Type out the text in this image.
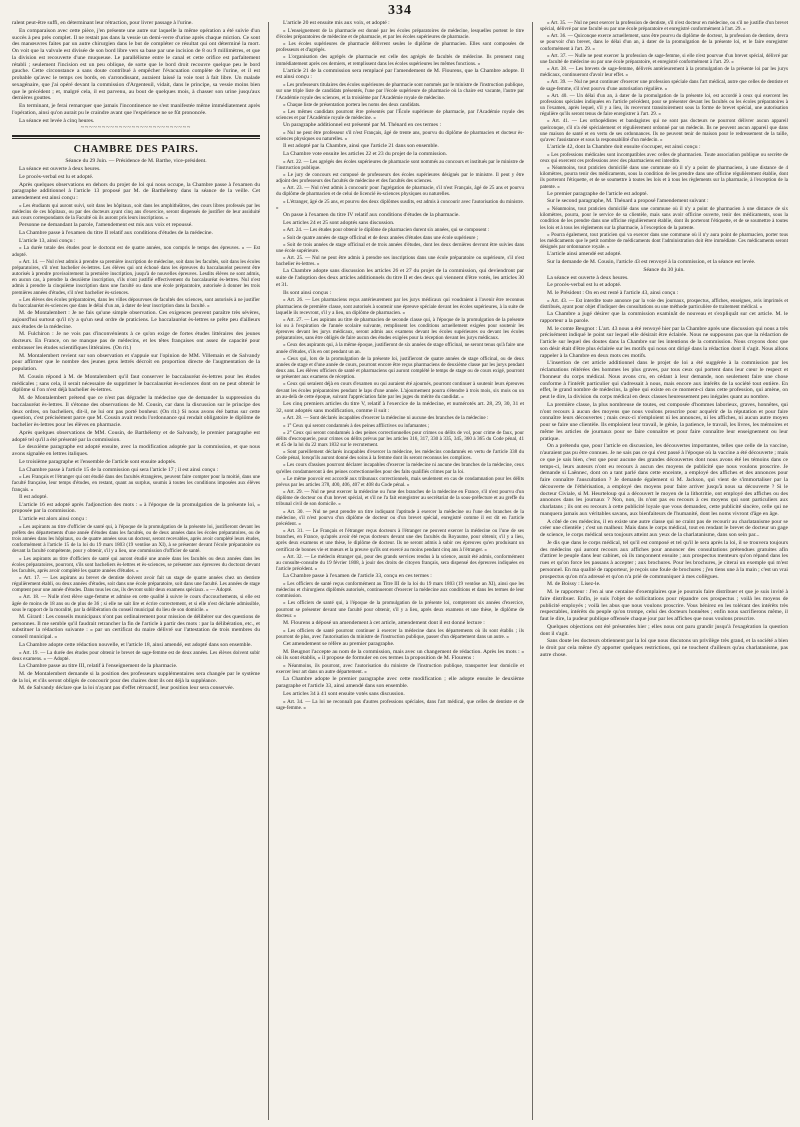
334

ralent peut-être suffi, en déterminant leur rétraction, pour livrer passage à l'urine.

En comparaison avec cette pièce, j'en présente une autre sur laquelle la même opération a été suivie d'un succès à peu près complet. Il ne restait pas dans la vessie un demi-verre d'urine après chaque miction. Ce sont des manœuvres faites par un autre chirurgien dans le but de compléter ce résultat qui ont déterminé la mort. On voit que la valvule est divisée de son bord libre vers sa base par une incision de 8 ou 9 millimètres, et que la division est recouverte d'une muqueuse. Le parallélisme entre le canal et cette orifice est parfaitement rétabli ; seulement l'incision est un peu oblique, de sorte que le bord droit recouvre quelque peu le bord gauche. Cette circonstance a sans doute contribué à empêcher l'évacuation complète de l'urine, et il est probable qu'avec le temps ces bords, en s'arrondissant, auraient laissé la voie tout à fait libre. Un malade sexagénaire, que j'ai opéré devant la commission d'Argenteuil, vidait, dans le principe, sa vessie moins bien que le précédent ; et, malgré cela, il est parvenu, au bout de quelques mois, à chasser son urine jusqu'aux dernières gouttes.

En terminant, je ferai remarquer que jamais l'incontinence ne s'est manifestée même immédiatement après l'opération, ainsi qu'on aurait pu le craindre avant que l'expérience ne se fût prononcée.

La séance est levée à cinq heures.

~~~~~~~~~~~~~~~~~~~~~~~~~~
CHAMBRE DES PAIRS.

Séance du 29 Juin. — Présidence de M. Barthe, vice-président.

La séance est ouverte à deux heures.

Le procès-verbal est lu et adopté.

Après quelques observations en dehors du projet de loi qui nous occupe, la Chambre passe à l'examen du paragraphe additionnel à l'article 13 proposé par M. de Barthélemy dans la séance de la veille. Cet amendement est ainsi conçu :

« Les étudiants qui auront suivi, soit dans les hôpitaux, soit dans les amphithéâtres, des cours libres professés par les médecins de ces hôpitaux, ou par des docteurs ayant cinq ans d'exercice, seront dispensés de justifier de leur assiduité aux cours correspondants de la Faculté où ils auront pris leurs inscriptions. »

Personne ne demandant la parole, l'amendement est mis aux voix et repoussé.

La Chambre passe à l'examen du titre II relatif aux conditions d'études de la médecine.

L'article 13, ainsi conçu :

« La durée totale des études pour le doctorat est de quatre années, non compris le temps des épreuves. » — Est adopté.

« Art. 14. — Nul n'est admis à prendre sa première inscription de médecine, soit dans les facultés, soit dans les écoles préparatoires, s'il n'est bachelier ès-lettres. Les élèves qui ont échoué dans les épreuves du baccalauréat peuvent être autorisés à prendre provisoirement la première inscription, jusqu'à de nouvelles épreuves. Lesdits élèves ne sont admis, en aucun cas, à prendre la deuxième inscription, s'ils n'ont justifié effectivement du baccalauréat ès-lettres. Nul n'est admis à prendre la cinquième inscription dans une faculté ou dans une école préparatoire, autorisée à donner les trois premières années d'études, s'il n'est bachelier ès-sciences.

« Les élèves des écoles préparatoires, dans les villes dépourvues de facultés des sciences, sont autorisés à ne justifier du baccalauréat ès-sciences que dans le délai d'un an, à dater de leur inscription dans la faculté. »

M. de Montalembert : Je ne fais qu'une simple observation. Ces exigences peuvent paraître très sévères, aujourd'hui surtout qu'il n'y a qu'un seul ordre de praticiens. Le baccalauréat ès-lettres se prête peu d'ailleurs aux études de la médecine.

M. Fulchiron : Je ne vois pas d'inconvénients à ce qu'on exige de fortes études littéraires des jeunes docteurs. En France, on ne manque pas de médecins, et les têtes françaises ont assez de capacité pour embrasser les études scientifiques littéraires. (On rit.)

M. Montalembert revient sur son observation et s'appuie sur l'opinion de MM. Villemain et de Salvandy pour affirmer que le nombre des jeunes gens lettrés décroît en proportion directe de l'augmentation de la population.

M. Cousin répond à M. de Montalembert qu'il faut conserver le baccalauréat ès-lettres pour les études médicales ; sans cela, il serait nécessaire de supprimer le baccalauréat ès-sciences dont on ne peut obtenir le diplôme si l'on n'est déjà bachelier ès-lettres.

M. de Montalembert prétend que ce n'est pas dégrader la médecine que de demander la suppression du baccalauréat ès-lettres. Il s'étonne des observations de M. Cousin, car dans la discussion sur le principe des deux ordres, on bacheliers, dit-il, ne lui ont pas porté bonheur. (On rit.) Si nous avons été battus sur cette question, c'est précisément parce que M. Cousin avait rendu l'ordonnance qui rendait obligatoire le diplôme de bachelier ès-lettres pour les élèves en pharmacie.

Après quelques observations de MM. Cousin, de Barthélemy et de Salvandy, le premier paragraphe est adopté tel qu'il a été présenté par la commission.

Le deuxième paragraphe est adopté ensuite, avec la modification adoptée par la commission, et que nous avons signalée en lettres italiques.

Le troisième paragraphe et l'ensemble de l'article sont ensuite adoptés.

La Chambre passe à l'article 15 de la commission qui sera l'article 17 ; il est ainsi conçu :

« Les Français et l'étranger qui ont étudié dans des facultés étrangères, peuvent faire compter pour la moitié, dans une faculté française, leur temps d'études, en restant, quant au surplus, soumis à toutes les conditions imposées aux élèves français. »

Il est adopté.

L'article 16 est adopté après l'adjonction des mots : « à l'époque de la promulgation de la présente loi, » proposée par la commission.

L'article est alors ainsi conçu :

« Les aspirants au titre d'officier de santé qui, à l'époque de la promulgation de la présente loi, justifieront devant les préfets des départements d'une année d'études dans les facultés, ou de deux années dans les écoles préparatoires, ou de trois années dans les hôpitaux, ou de quatre années sous un docteur, seront recevables, après avoir complété leurs études, conformément à l'article 15 de la loi du 19 mars 1803 (19 ventôse an XI), à se présenter devant l'école préparatoire ou devant la faculté compétente, pour y obtenir, s'il y a lieu, une commission d'officier de santé.

« Les aspirants au titre d'officiers de santé qui auront étudié une année dans les facultés ou deux années dans les écoles préparatoires, pourront, s'ils sont bacheliers ès-lettres et ès-sciences, se présenter aux épreuves du doctorat devant les facultés, après avoir complété les quatre années d'études. »

« Art. 17. — Les aspirans au brevet de dentiste doivent avoir fait un stage de quatre années chez un dentiste régulièrement établi, ou deux années d'études, soit dans une école préparatoire, soit dans une faculté. Les années de stage comptent pour une année d'études. Dans tous les cas, ils devront subir deux examens spéciaux. » — Adopté.

« Art. 18. — Nulle n'est élève sage-femme et admise en cette qualité à suivre le cours d'accouchements, si elle est âgée de moins de 18 ans ou de plus de 36 ; si elle ne sait lire et écrire correctement, et si elle n'est déclarée admissible, sous le rapport de la moralité, par la délibération du conseil municipal du lieu de son domicile. »

M. Girard : Les conseils municipaux n'ont pas ordinairement pour mission de délibérer sur des questions de personnes. Il me semble qu'il faudrait retrancher la fin de l'article à partir des mots : par la délibération, etc., et substituer la rédaction suivante : « par un certificat du maire délivré sur l'attestation de trois membres du conseil municipal. »

La Chambre adopte cette rédaction nouvelle, et l'article 18, ainsi amendé, est adopté dans son ensemble.

« Art. 19. — La durée des études pour obtenir le brevet de sage-femme est de deux années. Les élèves doivent subir deux examens. » — Adopté.

La Chambre passe au titre III, relatif à l'enseignement de la pharmacie.

M. de Montalembert demande si la position des professeurs supplémentaires sera changée par le système de la loi, et s'ils seront obligés de concourir pour des chaires dont ils ont déjà la suppléance.

M. de Salvandy déclare que la loi n'ayant pas d'effet rétroactif, leur position leur sera conservée.

L'article 20 est ensuite mis aux voix, et adopté :

« L'enseignement de la pharmacie est donné par les écoles préparatoires de médecine, lesquelles portent le titre d'écoles préparatoires de médecine et de pharmacie, et par les écoles supérieures de pharmacie.

« Les écoles supérieures de pharmacie délivrent seules le diplôme de pharmacien. Elles sont composées de professeurs et d'agrégés.

« L'organisation des agrégés de pharmacie est celle des agrégés de facultés de médecine. Ils prennent rang immédiatement après ces derniers, et remplissent dans les écoles supérieures les mêmes fonctions. »

L'article 21 de la commission sera remplacé par l'amendement de M. Flourens, que la Chambre adopte. Il est ainsi conçu :

« Les professeurs titulaires des écoles supérieures de pharmacie sont nommés par le ministre de l'instruction publique, sur une triple liste de candidats présentés, l'une par l'école supérieure de pharmacie où la chaire est vacante, l'autre par l'Académie royale des sciences, et la troisième par l'Académie royale de médecine.

« Chaque liste de présentation portera les noms des deux candidats.

« Les mêmes candidats pourront être présentés par l'École supérieure de pharmacie, par l'Académie royale des sciences et par l'Académie royale de médecine. »

Un paragraphe additionnel est présenté par M. Thénard en ces termes :

« Nul ne peut être professeur s'il n'est Français, âgé de trente ans, pourvu du diplôme de pharmacien et docteur ès-sciences physiques ou naturelles. »

Il est adopté par la Chambre, ainsi que l'article 21 dans son ensemble.

La Chambre vote ensuite les articles 22 et 23 du projet de la commission.

« Art. 22. — Les agrégés des écoles supérieures de pharmacie sont nommés au concours et institués par le ministre de l'instruction publique.

« Le jury de concours est composé de professeurs des écoles supérieures désignés par le ministre. Il peut y être adjoint des professeurs des facultés de médecine et des facultés des sciences.

« Art. 23. — Nul n'est admis à concourir pour l'agrégation de pharmacie, s'il n'est Français, âgé de 25 ans et pourvu du diplôme de pharmacien et de celui de licencié ès-sciences physiques ou naturelles.

« L'étranger, âgé de 25 ans, et pourvu des deux diplômes susdits, est admis à concourir avec l'autorisation du ministre. »

On passe à l'examen du titre IV relatif aux conditions d'études de la pharmacie.

Les articles 24 et 25 sont adoptés sans discussion.

« Art. 24. — Les études pour obtenir le diplôme de pharmacien durent six années, qui se composent :

« Soit de quatre années de stage officinal et de deux années d'études dans une école supérieure ;

« Soit de trois années de stage officinal et de trois années d'études, dont les deux dernières devront être suivies dans une école supérieure.

« Art. 25. — Nul ne peut être admis à prendre ses inscriptions dans une école préparatoire ou supérieure, s'il n'est bachelier ès-lettres. »

La Chambre adopte sans discussion les articles 26 et 27 du projet de la commission, qui deviendront par suite de l'adoption des deux articles additionnels du titre II et des deux qui viennent d'être votés, les articles 30 et 31.

Ils sont ainsi conçus :

« Art. 26. — Les pharmaciens reçus antérieurement par les jurys médicaux qui voudraient à l'avenir être reconnus pharmaciens de première classe, sont autorisés à soutenir une épreuve spéciale devant les écoles supérieures, à la suite de laquelle ils recevront, s'il y a lieu, un diplôme de pharmacien. »

« Art. 27. — Les aspirans au titre de pharmacien de seconde classe qui, à l'époque de la promulgation de la présente loi ou à l'expiration de l'année scolaire suivante, remplissent les conditions actuellement exigées pour soutenir les épreuves devant les jurys médicaux, seront admis aux examens devant les écoles supérieures ou devant les écoles préparatoires, sans être obligés de faire aucun des études exigées pour la réception devant les jurys médicaux.

« Ceux des aspirants qui, à la même époque, justifieront de six années de stage officinal, ne seront tenus qu'à faire une année d'études, s'ils en ont pendant un an.

« Ceux qui, lors de la promulgation de la présente loi, justifieront de quatre années de stage officinal, ou de deux années de stage et d'une année de cours, pourront encore être reçus pharmaciens de deuxième classe par les jurys pendant deux ans. Les élèves officiers de santé et pharmaciens qui auront complété le temps de stage ou de cours exigé, pourront se présenter aux examens de réception.

« Ceux qui seraient déjà en cours d'examen ou qui auraient été ajournés, pourront continuer à soutenir leurs épreuves devant les écoles préparatoires pendant le laps d'une année. L'ajournement pourra s'étendre à trois mois, six mois ou un an au-delà de cette époque, suivant l'appréciation faite par les juges du mérite du candidat. »

Les cinq premiers articles du titre V, relatif à l'exercice de la médecine, et numérotés art. 28, 29, 30, 31 et 32, sont adoptés sans modification, comme il suit :

« Art. 28. — Sont déclarés incapables d'exercer la médecine ni aucune des branches de la médecine :

« 1° Ceux qui seront condamnés à des peines afflictives ou infamantes ;

« 2° Ceux qui seront condamnés à des peines correctionnelles pour crimes ou délits de vol, pour crime de faux, pour délits d'escroquerie, pour crimes ou délits prévus par les articles 316, 317, 330 à 335, 345, 360 à 365 du Code pénal, 41 et 45 de la loi du 22 mars 1832 sur le recrutement.

« Sont pareillement déclarés incapables d'exercer la médecine, les médecins condamnés en vertu de l'article 338 du Code pénal, lorsqu'ils auront donné des soins à la femme dont ils seront reconnus les complices.

« Les cours d'assises pourront déclarer incapables d'exercer la médecine ni aucune des branches de la médecine, ceux qu'elles condamneront à des peines correctionnelles pour des faits qualifiés crimes par la loi.

« Le même pouvoir est accordé aux tribunaux correctionnels, mais seulement en cas de condamnation pour les délits prévus par les articles 378, 400, 406, 407 et 408 du Code pénal. »

« Art. 29. — Nul ne peut exercer la médecine ou l'une des branches de la médecine en France, s'il n'est pourvu d'un diplôme de docteur ou d'un brevet spécial, et s'il ne l'a fait enregistrer au secrétariat de la sous-préfecture et au greffe du tribunal civil de son domicile. »

« Art. 30. — Nul ne peut prendre un titre indiquant l'aptitude à exercer la médecine ou l'une des branches de la médecine, s'il n'est pourvu d'un diplôme de docteur ou d'un brevet spécial, enregistré comme il est dit en l'article précédent. »

« Art. 31. — Le Français et l'étranger reçus docteurs à l'étranger ne peuvent exercer la médecine ou l'une de ses branches, en France, qu'après avoir été reçus docteurs devant une des facultés du Royaume, pour obtenir, s'il y a lieu, après deux examens et une thèse, le diplôme de docteur. Ils ne seront admis à subir ces épreuves qu'en produisant un certificat de bonnes vie et mœurs et la preuve qu'ils ont exercé au moins pendant cinq ans à l'étranger. »

« Art. 32. — Le médecin étranger qui, pour des grands services rendus à la science, aurait été admis, conformément au consulte-consulte du 19 février 1808, à jouir des droits de citoyen français, sera dispensé des épreuves indiquées en l'article précédent. »

La Chambre passe à l'examen de l'article 33, conçu en ces termes :

« Les officiers de santé reçus conformément au Titre III de la loi du 19 mars 1803 (19 ventôse an XI), ainsi que les médecins et chirurgiens diplômés autorisés, continueront d'exercer la médecine aux conditions et dans les termes de leur commission.

« Les officiers de santé qui, à l'époque de la promulgation de la présente loi, compteront six années d'exercice, pourront se présenter devant une faculté pour obtenir, s'il y a lieu, après deux examens et une thèse, le diplôme de docteur. »

M. Flourens a déposé un amendement à cet article, amendement dont il est donné lecture :

« Les officiers de santé pourront continuer à exercer la médecine dans les départements où ils sont établis ; ils pourront de plus, avec l'autorisation du ministre de l'instruction publique, passer d'un département dans un autre. »

Cet amendement se réfère au premier paragraphe.

M. Beugnot l'accepte au nom de la commission, mais avec un changement de rédaction. Après les mots : « où ils sont établis, » il propose de formuler en ces termes la proposition de M. Flourens :

« Néanmoins, ils pourront, avec l'autorisation du ministre de l'instruction publique, transporter leur domicile et exercer leur art dans un autre département. »

La Chambre adopte le premier paragraphe avec cette modification ; elle adopte ensuite le deuxième paragraphe et l'article 33, ainsi amendé dans son ensemble.

Les articles 34 à 41 sont ensuite votés sans discussion.

« Art. 34. — La loi ne reconnaît pas d'autres professions spéciales, dans l'art médical, que celles de dentiste et de sage-femme. »

« Art. 35. — Nul ne peut exercer la profession de dentiste, s'il n'est docteur en médecine, ou s'il ne justifie d'un brevet spécial, délivré par une faculté ou par une école préparatoire et enregistré conformément à l'art. 29. »

« Art. 36. — Quiconque exerce actuellement, sans être pourvu du diplôme de docteur, la profession de dentiste, devra se pourvoir d'un brevet, dans le délai d'un an, à dater de la promulgation de la présente loi, et le faire enregistrer conformément à l'art. 29. »

« Art. 37. — Nulle ne peut exercer la profession de sage-femme, si elle n'est pourvue d'un brevet spécial, délivré par une faculté de médecine ou par une école préparatoire, et enregistré conformément à l'art. 29. »

« Art. 38. — Les brevets de sage-femme, délivrés antérieurement à la promulgation de la présente loi par les jurys médicaux, continueront d'avoir leur effet. »

« Art. 39. — Nul ne peut continuer d'exercer une profession spéciale dans l'art médical, autre que celles de dentiste et de sage-femme, s'il n'est pourvu d'une autorisation régulière. »

« Art. 40. — Un délai d'un an, à dater de la promulgation de la présente loi, est accordé à ceux qui exercent les professions spéciales indiquées en l'article précédent, pour se présenter devant les facultés ou les écoles préparatoires à un l'examen, après lequel, s'il y a lieu, ils recevront transitoirement sous la forme de brevet spécial, une autorisation régulière qu'ils seront tenus de faire enregistrer à l'art. 29. »

« Art. 41. — Les orthopédistes et bandagistes qui ne sont pas docteurs ne pourront délivrer aucun appareil quelconque, s'il n'a été spécialement et régulièrement ordonné par un médecin. Ils ne peuvent aucun appareil que dans une maison de santé et en vertu de ses ordonnances. Ils ne peuvent tenir de maison pour le redressement de la taille, qu'avec l'assistance et sous la responsabilité d'un médecin. »

L'article 42, dont la Chambre doit ensuite s'occuper, est ainsi conçu :

« Les professions médicales sont incompatibles avec celles de pharmacien. Toute association publique ou secrète de ceux qui exercent ces professions avec des pharmaciens est interdite.

« Néanmoins, tout praticien domicilié dans une commune où il n'y a point de pharmaciens, à une distance de 4 kilomètres, pourra tenir des médicaments, sous la condition de les prendre dans une officine régulièrement établie, dont ils porteront l'étiquette, et de se soumettre à toutes les lois et à tous les règlements sur la pharmacie, à l'exception de la patente. »

Le premier paragraphe de l'article est adopté.

Sur le second paragraphe, M. Thénard a proposé l'amendement suivant :

« Néanmoins, tout praticien domicilié dans une commune où il n'y a point de pharmacien à une distance de six kilomètres, pourra, pour le service de sa clientèle, mais sans avoir officine ouverte, tenir des médicaments, sous la condition de les prendre dans une officine régulièrement établie, dont ils porteront l'étiquette, et de se soumettre à toutes les lois et à tous les règlements sur la pharmacie, à l'exception de la patente.

« Pourra également, tout praticien qui va exercer dans une commune où il n'y aura point de pharmacien, porter tous les médicaments que le petit nombre de médicaments dont l'administration doit être immédiate. Ces médicaments seront désignés par ordonnance royale. »

L'article ainsi amendé est adopté.

Sur la demande de M. Cousin, l'article 43 est renvoyé à la commission, et la séance est levée.

Séance du 30 juin.

La séance est ouverte à deux heures.

Le procès-verbal est lu et adopté.

M. le Président : On en est resté à l'article 43, ainsi conçu :

« Art. 43. — Est interdite toute annonce par la voie des journaux, prospectus, affiches, enseignes, avis imprimés et distribués, ayant pour objet d'indiquer des consultations ou une méthode particulière de traitement médical. »

La Chambre a jugé désirer que la commission examinât de nouveau et s'expliquât sur cet article. M. le rapporteur a la parole.

M. le comte Beugnot : L'art. 43 nous a été renvoyé hier par la Chambre après une discussion qui nous a très précisément indiqué le point sur lequel elle désirait être éclairée. Nous ne supposons pas que la rédaction de l'article sur lequel des doutes dans la Chambre sur les intentions de la commission. Nous croyons donc que son désir était d'être plus éclairée sur les motifs qui nous ont dirigé dans la rédaction dont il s'agit. Nous allons rappeler à la Chambre en deux mots ces motifs.

L'insertion de cet article additionnel dans le projet de loi a été suggérée à la commission par les réclamations réitérées des hommes les plus graves, par tous ceux qui portent dans leur cœur le respect et l'honneur du corps médical. Nous avons cru, en cédant à leur demande, non seulement faire une chose conforme à l'intérêt particulier qui s'adressait à nous, mais encore aux intérêts de la société tout entière. En effet, le grand nombre de médecins, la gêne qui existe en ce moment-ci dans cette profession, qui amène, on peut le dire, la division du corps médical en deux classes heureusement peu inégales quant au nombre.

La première classe, la plus nombreuse de toutes, est composée d'hommes laborieux, graves, honnêtes, qui n'ont recours à aucun des moyens que nous voulons proscrire pour acquérir de la réputation et pour faire connaître leurs découvertes ; mais ceux-ci n'emploient ni les annonces, ni les affiches, ni aucun autre moyen pour se faire une clientèle. Ils emploient leur travail, le génie, la patience, le travail, les livres, les mémoires et même les articles de journaux pour se faire connaître et pour faire connaître leur enseignement ou leur pratique.

On a prétendu que, pour l'article en discussion, les découvertes importantes, telles que celle de la vaccine, n'auraient pas pu être connues. Je ne sais pas ce qui s'est passé à l'époque où la vaccine a été découverte ; mais ce que je sais bien, c'est que pour aucune des grandes découvertes dont nous avons été les témoins dans ce temps-ci, leurs auteurs n'ont eu recours à aucun des moyens de publicité que nous voulons proscrire. Je demande si Laënnec, dont on a tant parlé dans cette enceinte, a employé des affiches et des annonces pour faire connaître l'auscultation ? Je demande également si M. Jackson, qui vient de s'immortaliser par la découverte de l'éthérisation, a employé des moyens pour faire arriver jusqu'à nous sa découverte ? Si le docteur Civiale, si M. Heurteloup qui a découvert le moyen de la lithotritie, ont employé des affiches ou des annonces dans les journaux ? Non, non, ils n'ont pas eu recours à ces moyens qui sont particuliers aux charlatans ; ils ont eu recours à cette publicité loyale que vous demandez, cette publicité sincère, celle qui ne manquera jamais aux véritables savans, aux bienfaiteurs de l'humanité, dont les noms vivront d'âge en âge.

A côté de ces médecins, il en existe une autre classe qui ne craint pas de recourir au charlatanisme pour se créer une clientèle ; c'est un malheur. Mais dans le corps médical, tout en rendant le brevet de docteur un gage de science, le corps médical sera toujours atteint aux yeux de la charlatanisme, dans son sein par...

Je dis que dans le corps médical, tel qu'il est composé et tel qu'il le sera après la loi, il se trouvera toujours des médecins qui auront recours aux affiches pour annoncer des consultations prétendues gratuites afin d'attirer le peuple dans leur cabinet, où ils rançonnent ensuite ; aux prospectus menteurs qu'on répand dans les rues et qu'on force les passans à accepter ; aux brochures. Pour les brochures, je citerai un exemple qui m'est personnel. En ma qualité de rapporteur, je reçois une foule de brochures ; j'en tiens une à la main ; c'est un vrai prospectus qu'on m'a adressé et qu'on n'a prié de communiquer à mes collègues.

M. de Boissy : Lisez-le.

M. le rapporteur : J'en ai une centaine d'exemplaires que je pourrais faire distribuer et que je suis invité à faire distribuer. Enfin, je suis l'objet de sollicitations pour répandre ces prospectus ; voilà les moyens de publicité employés ; voilà les abus que nous voulons proscrire. Vous bénirez en les tolérant des intérêts très respectables, intérêts du peuple qu'on trompe, celui des docteurs honnêtes ; enfin nous sacrifierons même, il faut le dire, la pudeur publique offensée chaque jour par les affiches que nous voulons proscrire.

Quelques objections ont été présentées hier ; elles nous ont paru grandir jusqu'à l'exagération la question dont il s'agit.

Sans doute les docteurs obtiennent par la loi que nous discutons un privilège très grand, et la société a bien le droit par cela même d'y apporter quelques restrictions, qui ne touchent d'ailleurs qu'au charlatanisme, pas autre chose.
